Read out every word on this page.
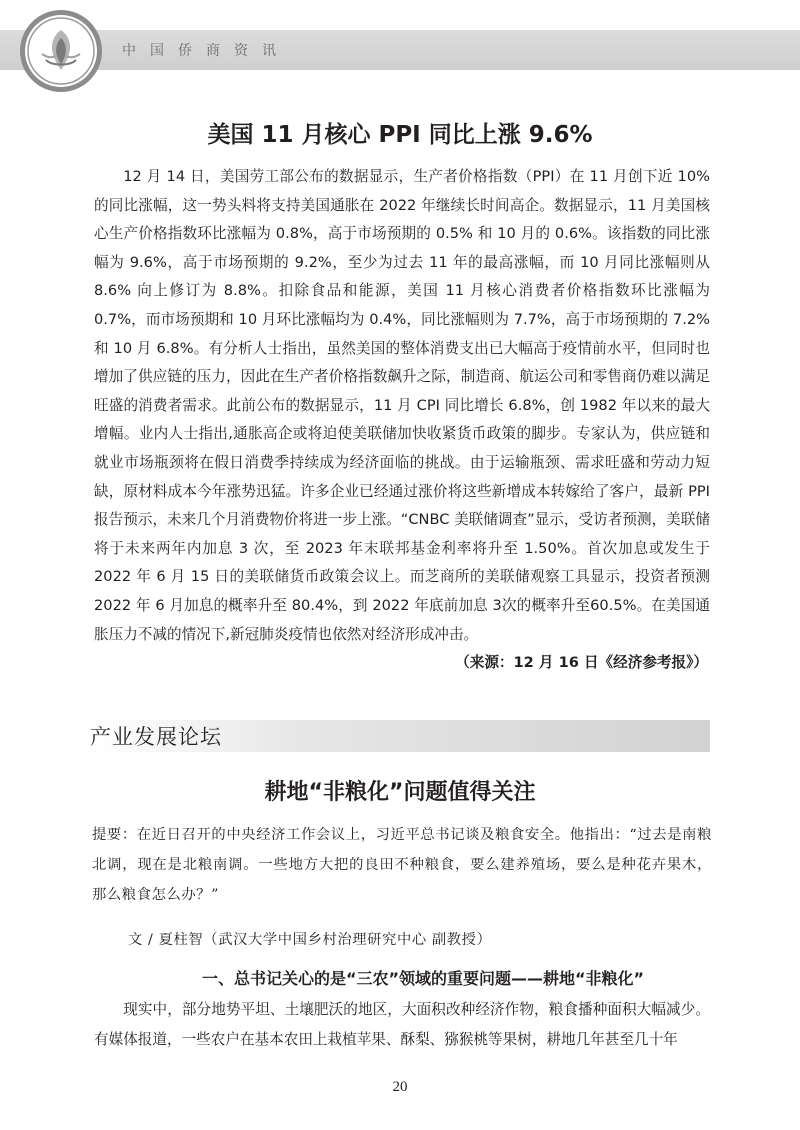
中国侨商资讯
美国 11 月核心 PPI 同比上涨 9.6%

12 月 14 日，美国劳工部公布的数据显示，生产者价格指数（PPI）在 11 月创下近 10% 的同比涨幅，这一势头料将支持美国通胀在 2022 年继续长时间高企。数据显示，11 月美国核心生产价格指数环比涨幅为 0.8%，高于市场预期的 0.5% 和 10 月的 0.6%。该指数的同比涨幅为 9.6%，高于市场预期的 9.2%，至少为过去 11 年的最高涨幅，而 10 月同比涨幅则从 8.6% 向上修订为 8.8%。扣除食品和能源，美国 11 月核心消费者价格指数环比涨幅为 0.7%，而市场预期和 10 月环比涨幅均为 0.4%，同比涨幅则为 7.7%，高于市场预期的 7.2% 和 10 月 6.8%。有分析人士指出，虽然美国的整体消费支出已大幅高于疫情前水平，但同时也增加了供应链的压力，因此在生产者价格指数飙升之际，制造商、航运公司和零售商仍难以满足旺盛的消费者需求。此前公布的数据显示，11 月 CPI 同比增长 6.8%，创 1982 年以来的最大增幅。业内人士指出,通胀高企或将迫使美联储加快收紧货币政策的脚步。专家认为，供应链和就业市场瓶颈将在假日消费季持续成为经济面临的挑战。由于运输瓶颈、需求旺盛和劳动力短缺，原材料成本今年涨势迅猛。许多企业已经通过涨价将这些新增成本转嫁给了客户，最新 PPI 报告预示，未来几个月消费物价将进一步上涨。“CNBC 美联储调查”显示，受访者预测，美联储将于未来两年内加息 3 次，至 2023 年末联邦基金利率将升至 1.50%。首次加息或发生于 2022 年 6 月 15 日的美联储货币政策会议上。而芝商所的美联储观察工具显示，投资者预测 2022 年 6 月加息的概率升至 80.4%，到 2022 年底前加息 3次的概率升至60.5%。在美国通胀压力不减的情况下,新冠肺炎疫情也依然对经济形成冲击。

（来源：12 月 16 日《经济参考报》）
产业发展论坛
耕地“非粮化”问题值得关注
提要：在近日召开的中央经济工作会议上，习近平总书记谈及粮食安全。他指出：“过去是南粮北调，现在是北粮南调。一些地方大把的良田不种粮食，要么建养殖场，要么是种花卉果木，那么粮食怎么办？”
文 / 夏柱智（武汉大学中国乡村治理研究中心 副教授）
一、总书记关心的是“三农”领域的重要问题——耕地“非粮化”

现实中，部分地势平坦、土壤肥沃的地区，大面积改种经济作物，粮食播种面积大幅减少。有媒体报道，一些农户在基本农田上栽植苹果、酥梨、猕猴桃等果树，耕地几年甚至几十年

20
